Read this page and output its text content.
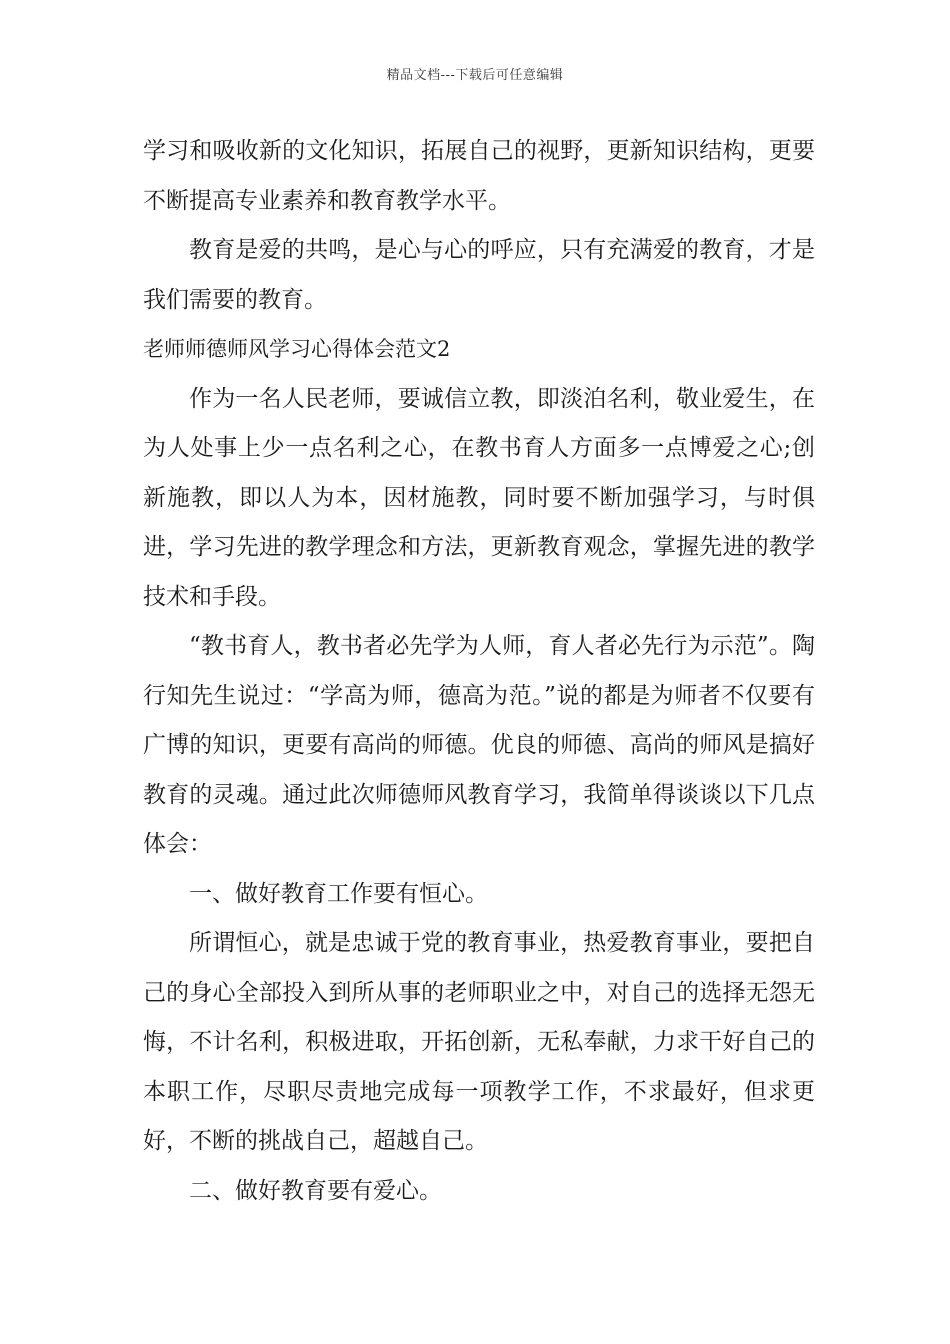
精品文档---下载后可任意编辑

学习和吸收新的文化知识，拓展自己的视野，更新知识结构，更要不断提高专业素养和教育教学水平。

教育是爱的共鸣，是心与心的呼应，只有充满爱的教育，才是我们需要的教育。

老师师德师风学习心得体会范文2

作为一名人民老师，要诚信立教，即淡泊名利，敬业爱生，在为人处事上少一点名利之心，在教书育人方面多一点博爱之心;创新施教，即以人为本，因材施教，同时要不断加强学习，与时俱进，学习先进的教学理念和方法，更新教育观念，掌握先进的教学技术和手段。

“教书育人，教书者必先学为人师，育人者必先行为示范”。陶行知先生说过：“学高为师，德高为范。”说的都是为师者不仅要有广博的知识，更要有高尚的师德。优良的师德、高尚的师风是搞好教育的灵魂。通过此次师德师风教育学习，我简单得谈谈以下几点体会：

一、做好教育工作要有恒心。

所谓恒心，就是忠诚于党的教育事业，热爱教育事业，要把自己的身心全部投入到所从事的老师职业之中，对自己的选择无怨无悔，不计名利，积极进取，开拓创新，无私奉献，力求干好自己的本职工作，尽职尽责地完成每一项教学工作，不求最好，但求更好，不断的挑战自己，超越自己。

二、做好教育要有爱心。
